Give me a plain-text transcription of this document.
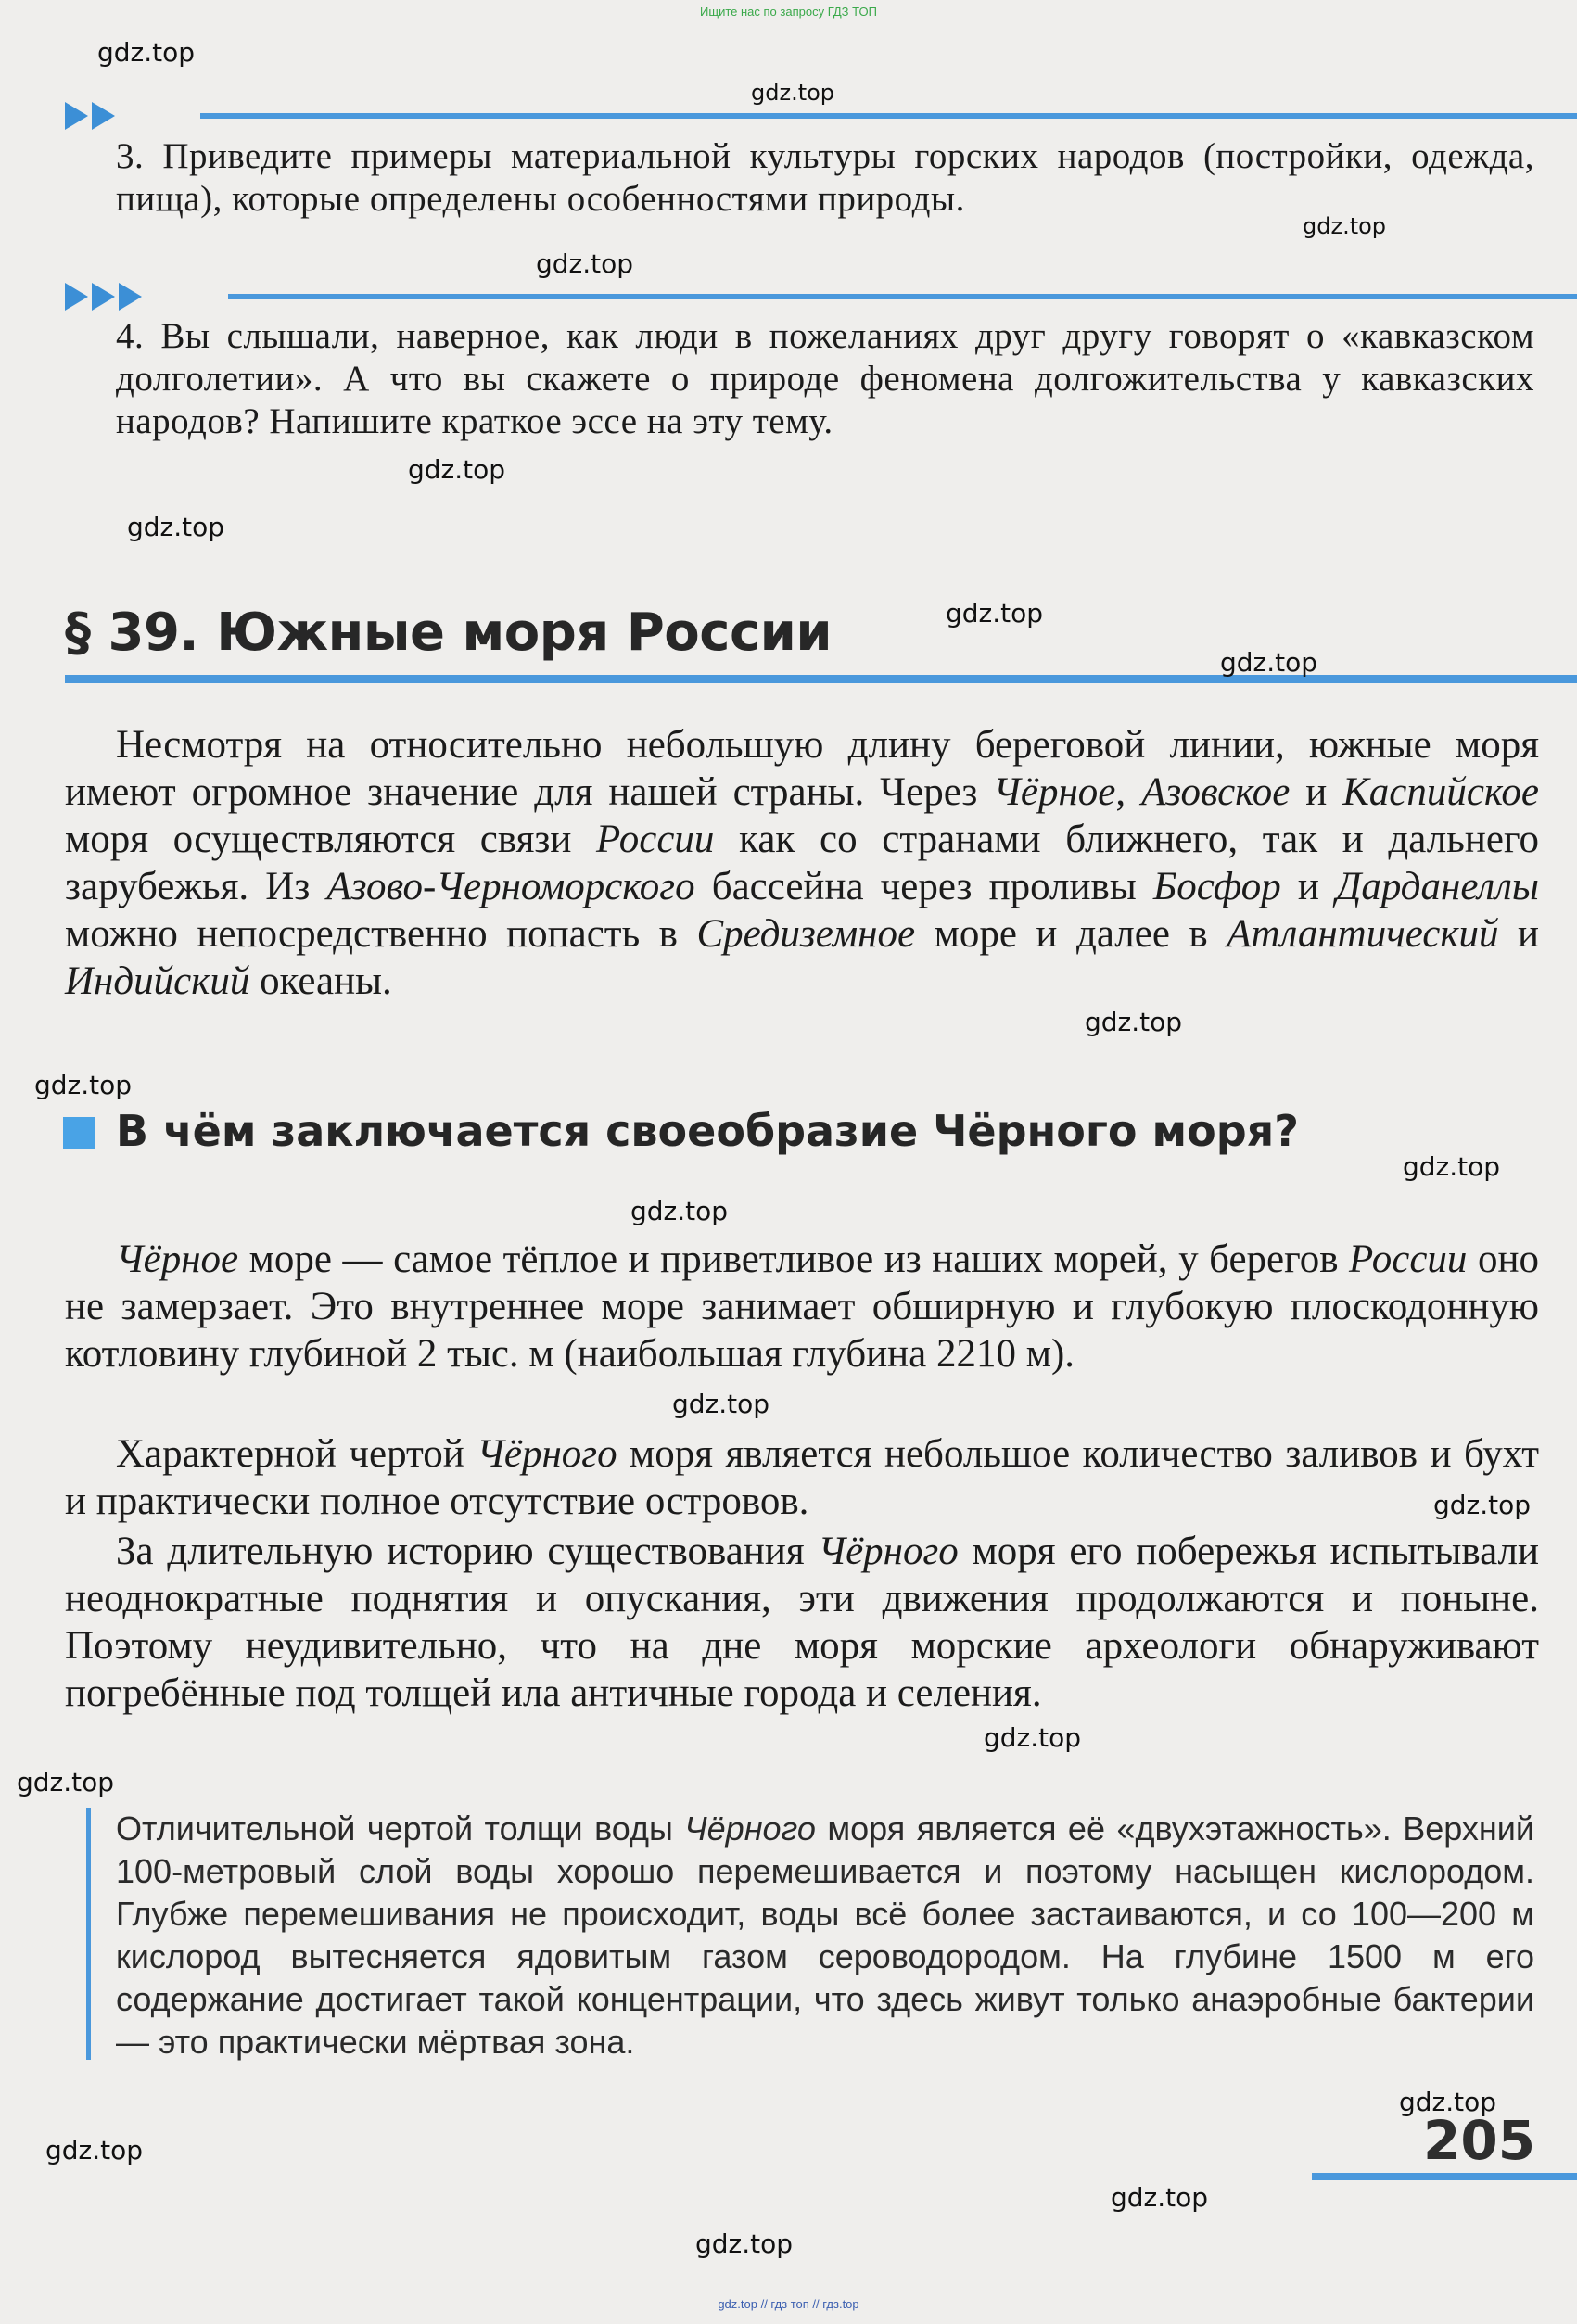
Ищите нас по запросу ГДЗ ТОП
3. Приведите примеры материальной культуры горских народов (постройки, одежда, пища), которые определены особенностями природы.
4. Вы слышали, наверное, как люди в пожеланиях друг другу говорят о «кавказском долголетии». А что вы скажете о природе феномена долгожительства у кавказских народов? Напишите краткое эссе на эту тему.
§ 39. Южные моря России
Несмотря на относительно небольшую длину береговой линии, южные моря имеют огромное значение для нашей страны. Через Чёрное, Азовское и Каспийское моря осуществляются связи России как со странами ближнего, так и дальнего зарубежья. Из Азово-Черноморского бассейна через проливы Босфор и Дарданеллы можно непосредственно попасть в Средиземное море и далее в Атлантический и Индийский океаны.
В чём заключается своеобразие Чёрного моря?
Чёрное море — самое тёплое и приветливое из наших морей, у берегов России оно не замерзает. Это внутреннее море занимает обширную и глубокую плоскодонную котловину глубиной 2 тыс. м (наибольшая глубина 2210 м).
Характерной чертой Чёрного моря является небольшое количество заливов и бухт и практически полное отсутствие островов.
За длительную историю существования Чёрного моря его побережья испытывали неоднократные поднятия и опускания, эти движения продолжаются и поныне. Поэтому неудивительно, что на дне моря морские археологи обнаруживают погребённые под толщей ила античные города и селения.
Отличительной чертой толщи воды Чёрного моря является её «двухэтажность». Верхний 100-метровый слой воды хорошо перемешивается и поэтому насыщен кислородом. Глубже перемешивания не происходит, воды всё более застаиваются, и со 100—200 м кислород вытесняется ядовитым газом сероводородом. На глубине 1500 м его содержание достигает такой концентрации, что здесь живут только анаэробные бактерии — это практически мёртвая зона.
205
gdz.top
gdz.top
gdz.top
gdz.top
gdz.top
gdz.top
gdz.top
gdz.top
gdz.top
gdz.top
gdz.top
gdz.top
gdz.top
gdz.top
gdz.top
gdz.top
gdz.top
gdz.top
gdz.top
gdz.top
gdz.top // гдз топ // гдз.top
